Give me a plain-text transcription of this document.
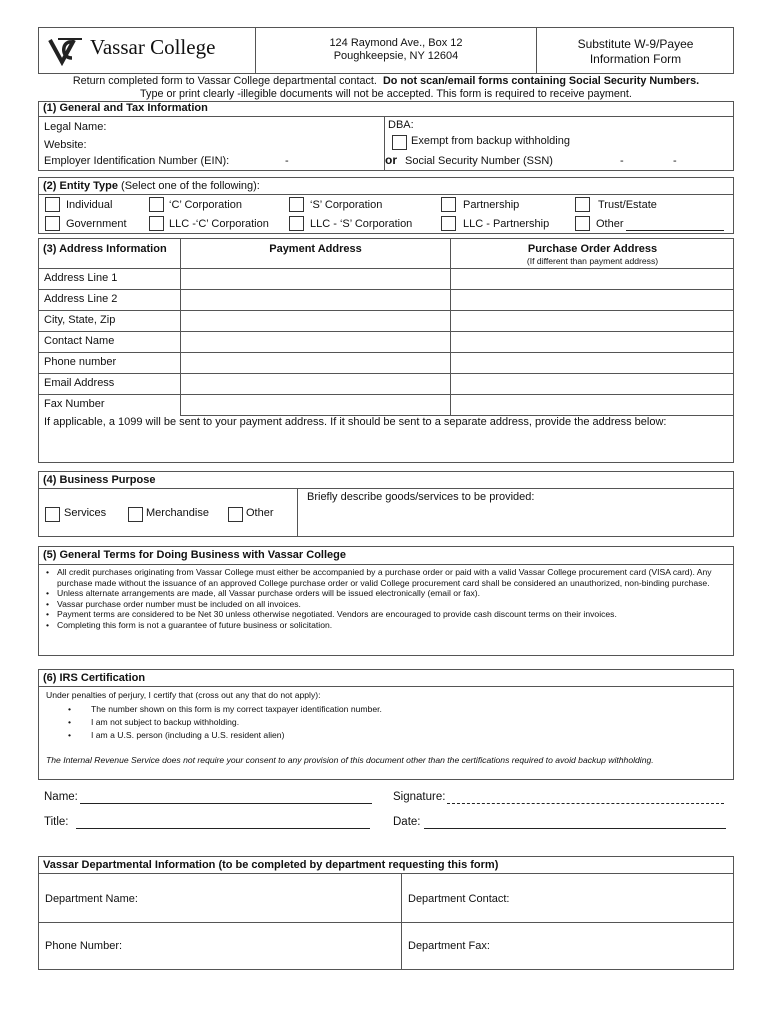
Vassar College	124 Raymond Ave., Box 12
Poughkeepsie, NY 12604
Substitute W-9/Payee
Information Form
Return completed form to Vassar College departmental contact. Do not scan/email forms containing Social Security Numbers.
Type or print clearly -illegible documents will not be accepted. This form is required to receive payment.
(1) General and Tax Information
Legal Name:	DBA:
Website:	Exempt from backup withholding
Employer Identification Number (EIN):	-	or Social Security Number (SSN)	-	-
(2) Entity Type (Select one of the following):
Individual	‘C’ Corporation	‘S’ Corporation	Partnership	Trust/Estate
Government	LLC -‘C’ Corporation	LLC - ‘S’ Corporation	LLC - Partnership	Other
(3) Address Information	Payment Address	Purchase Order Address
(If different than payment address)
Address Line 1
Address Line 2
City, State, Zip
Contact Name
Phone number
Email Address
Fax Number
If applicable, a 1099 will be sent to your payment address. If it should be sent to a separate address, provide the address below:
(4) Business Purpose
Services	Merchandise	Other
Briefly describe goods/services to be provided:
(5) General Terms for Doing Business with Vassar College
• All credit purchases originating from Vassar College must either be accompanied by a purchase order or paid with a valid Vassar College procurement card (VISA card). Any purchase made without the issuance of an approved College purchase order or valid College procurement card shall be considered an unauthorized, non-binding purchase.
• Unless alternate arrangements are made, all Vassar purchase orders will be issued electronically (email or fax).
• Vassar purchase order number must be included on all invoices.
• Payment terms are considered to be Net 30 unless otherwise negotiated. Vendors are encouraged to provide cash discount terms on their invoices.
• Completing this form is not a guarantee of future business or solicitation.
(6) IRS Certification
Under penalties of perjury, I certify that (cross out any that do not apply):
• The number shown on this form is my correct taxpayer identification number.
• I am not subject to backup withholding.
• I am a U.S. person (including a U.S. resident alien)
The Internal Revenue Service does not require your consent to any provision of this document other than the certifications required to avoid backup withholding.
Name:	Signature:
Title:	Date:
Vassar Departmental Information (to be completed by department requesting this form)
Department Name:	Department Contact:
Phone Number:	Department Fax:
